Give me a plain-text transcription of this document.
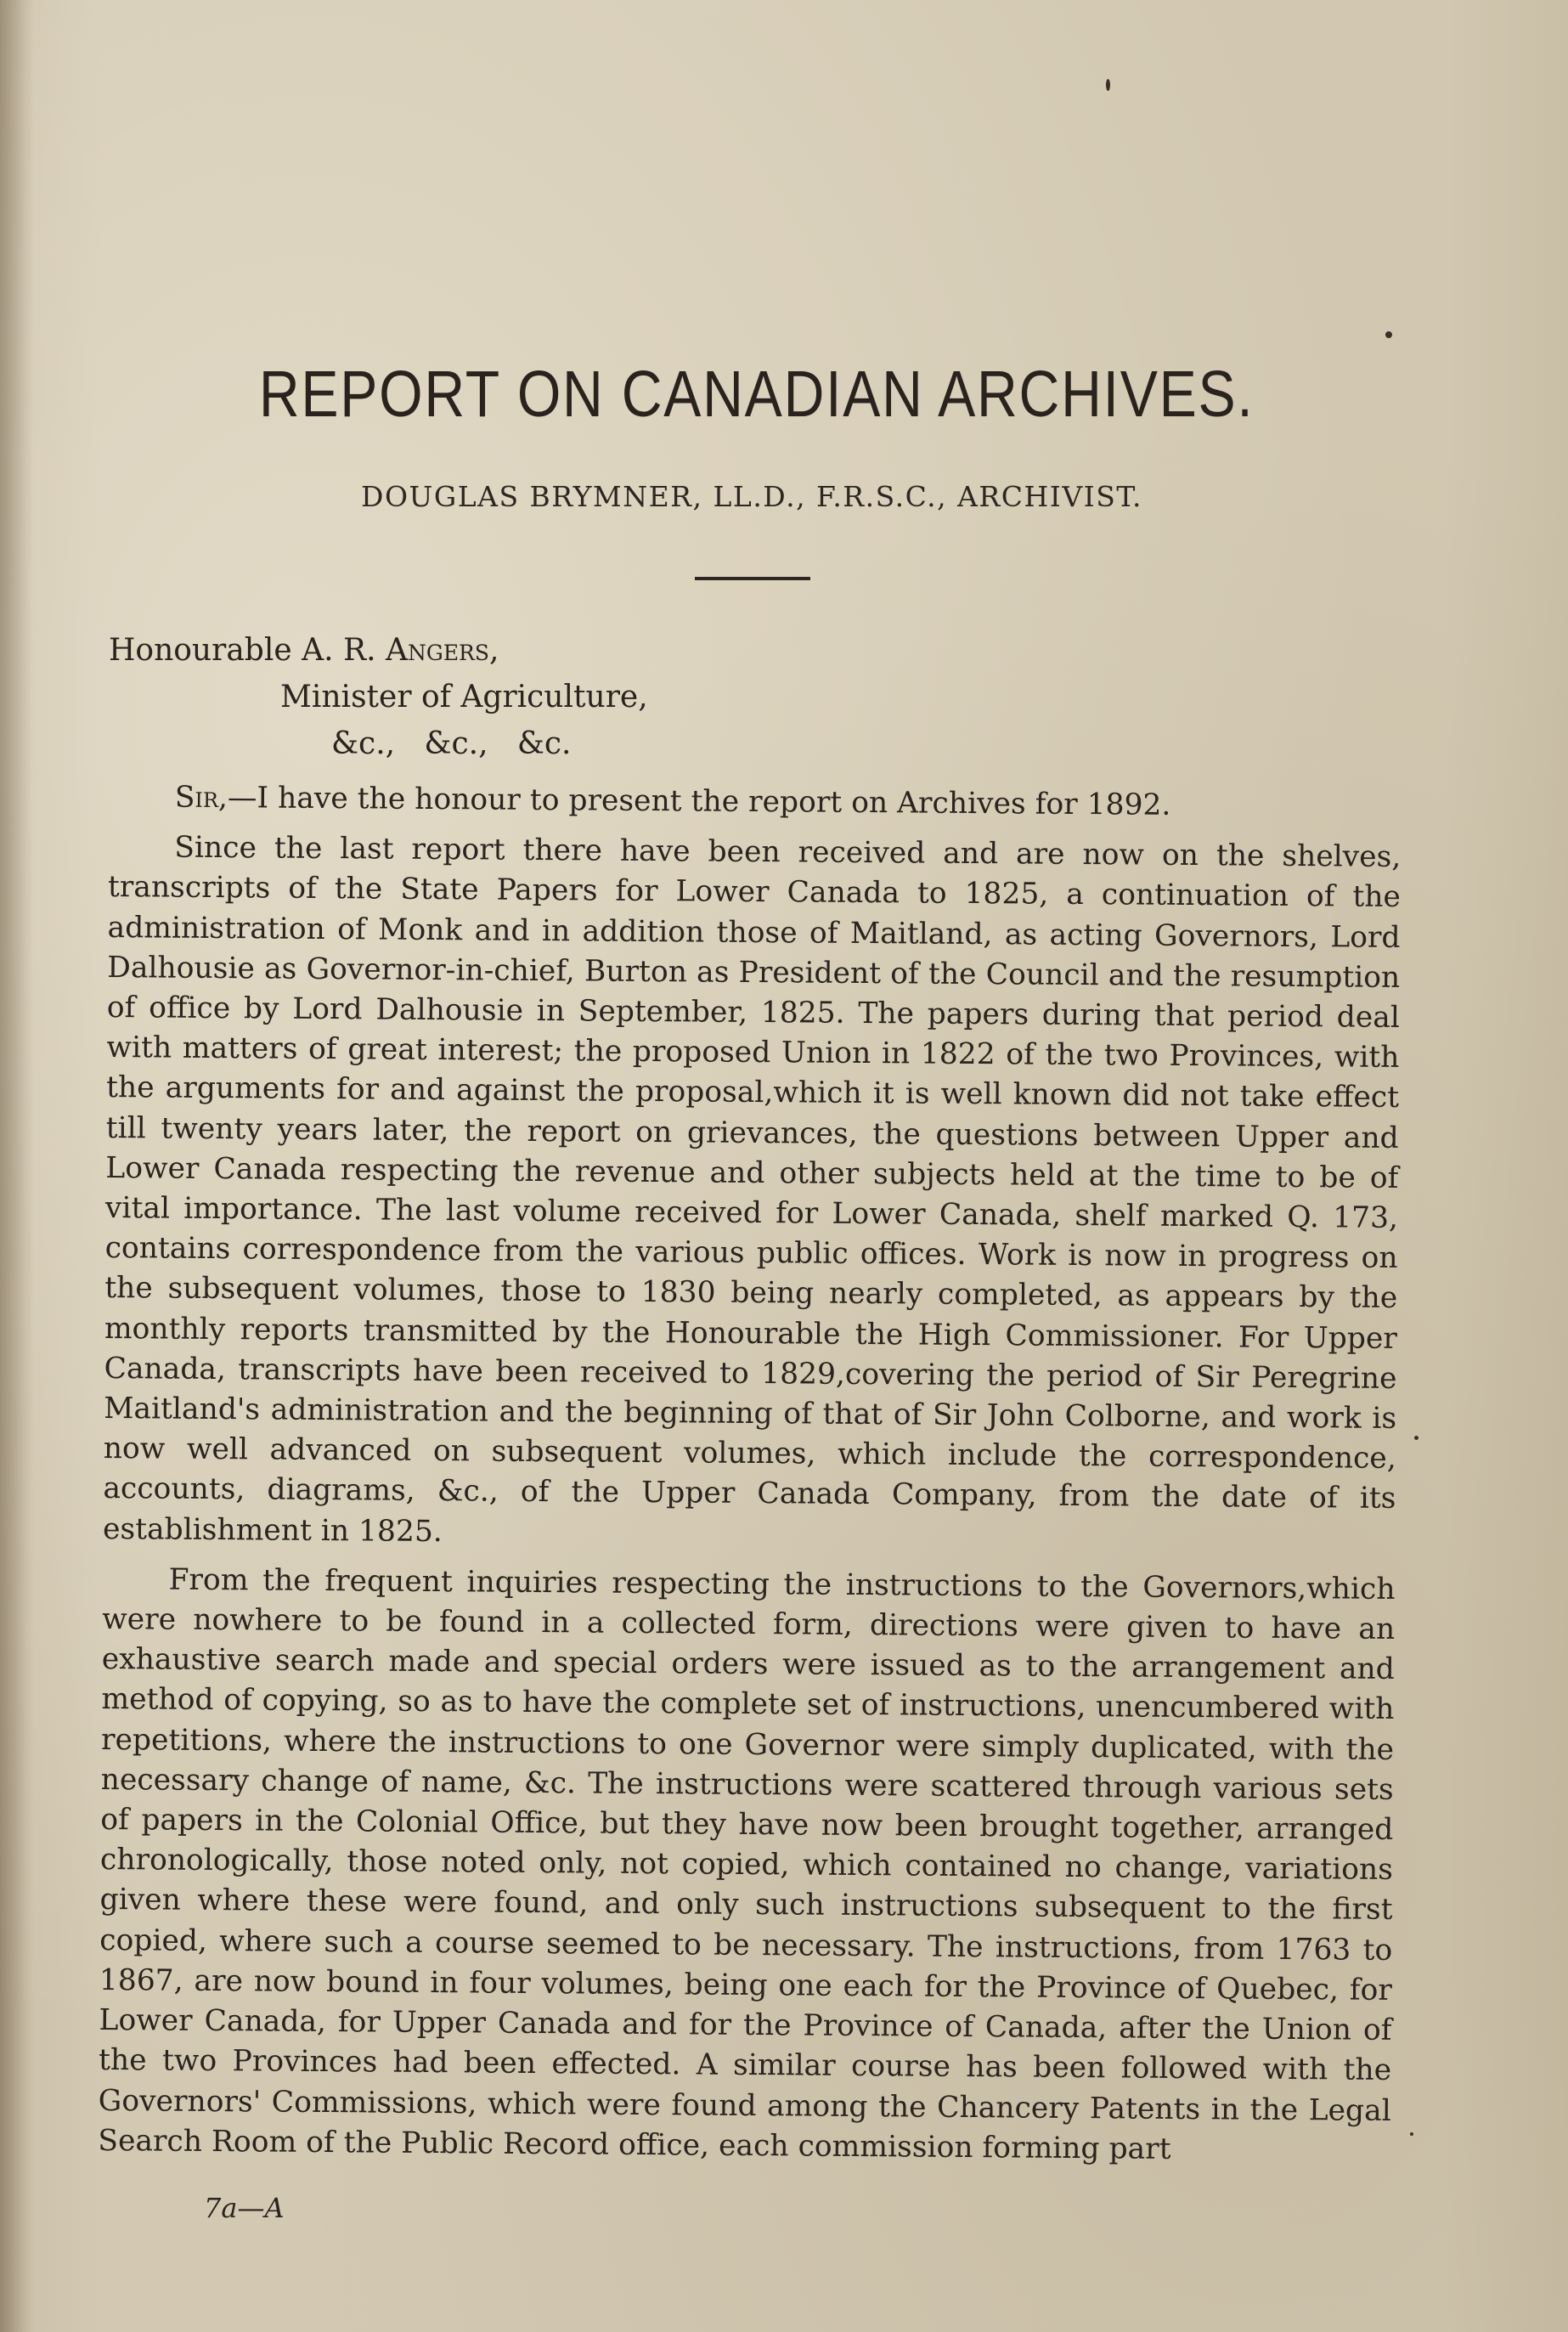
REPORT ON CANADIAN ARCHIVES.
DOUGLAS BRYMNER, LL.D., F.R.S.C., ARCHIVIST.
Honourable A. R. Angers,
Minister of Agriculture,
&c.,   &c.,   &c.

Sir,—I have the honour to present the report on Archives for 1892.

Since the last report there have been received and are now on the shelves, transcripts of the State Papers for Lower Canada to 1825, a continuation of the administration of Monk and in addition those of Maitland, as acting Governors, Lord Dalhousie as Governor-in-chief, Burton as President of the Council and the resumption of office by Lord Dalhousie in September, 1825. The papers during that period deal with matters of great interest; the proposed Union in 1822 of the two Provinces, with the arguments for and against the proposal,which it is well known did not take effect till twenty years later, the report on grievances, the questions between Upper and Lower Canada respecting the revenue and other subjects held at the time to be of vital importance. The last volume received for Lower Canada, shelf marked Q. 173, contains correspondence from the various public offices. Work is now in progress on the subsequent volumes, those to 1830 being nearly completed, as appears by the monthly reports transmitted by the Honourable the High Commissioner. For Upper Canada, transcripts have been received to 1829,covering the period of Sir Peregrine Maitland's administration and the beginning of that of Sir John Colborne, and work is now well advanced on subsequent volumes, which include the correspondence, accounts, diagrams, &c., of the Upper Canada Company, from the date of its establishment in 1825.

From the frequent inquiries respecting the instructions to the Governors,which were nowhere to be found in a collected form, directions were given to have an exhaustive search made and special orders were issued as to the arrangement and method of copying, so as to have the complete set of instructions, unencumbered with repetitions, where the instructions to one Governor were simply duplicated, with the necessary change of name, &c. The instructions were scattered through various sets of papers in the Colonial Office, but they have now been brought together, arranged chronologically, those noted only, not copied, which contained no change, variations given where these were found, and only such instructions subsequent to the first copied, where such a course seemed to be necessary. The instructions, from 1763 to 1867, are now bound in four volumes, being one each for the Province of Quebec, for Lower Canada, for Upper Canada and for the Province of Canada, after the Union of the two Provinces had been effected. A similar course has been followed with the Governors' Commissions, which were found among the Chancery Patents in the Legal Search Room of the Public Record office, each commission forming part

7a—A
